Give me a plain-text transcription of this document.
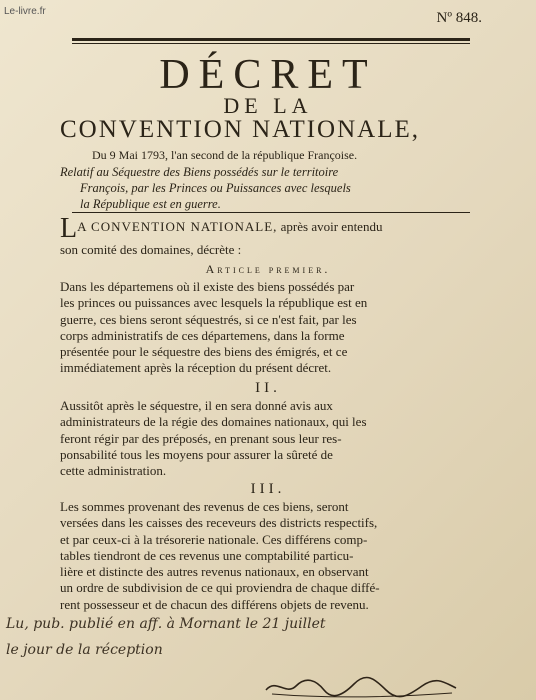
Le-livre.fr	Nº 848.
DÉCRET
DE LA
CONVENTION NATIONALE,
Du 9 Mai 1793, l'an second de la république Françoise.
Relatif au Séquestre des Biens possédés sur le territoire
François, par les Princes ou Puissances avec lesquels
la République est en guerre.
LA CONVENTION NATIONALE, après avoir entendu
son comité des domaines, décrète :
Article premier.
Dans les départemens où il existe des biens possédés par
les princes ou puissances avec lesquels la république est en
guerre, ces biens seront séquestrés, si ce n'est fait, par les
corps administratifs de ces départemens, dans la forme
présentée pour le séquestre des biens des émigrés, et ce
immédiatement après la réception du présent décret.
II.
Aussitôt après le séquestre, il en sera donné avis aux
administrateurs de la régie des domaines nationaux, qui les
feront régir par des préposés, en prenant sous leur res-
ponsabilité tous les moyens pour assurer la sûreté de
cette administration.
III.
Les sommes provenant des revenus de ces biens, seront
versées dans les caisses des receveurs des districts respectifs,
et par ceux-ci à la trésorerie nationale. Ces différens comp-
tables tiendront de ces revenus une comptabilité particu-
lière et distincte des autres revenus nationaux, en observant
un ordre de subdivision de ce qui proviendra de chaque diffé-
rent possesseur et de chacun des différens objets de revenu.
Lu, pub. publié en aff. à Mornant le 21 juillet
le jour de la réception
